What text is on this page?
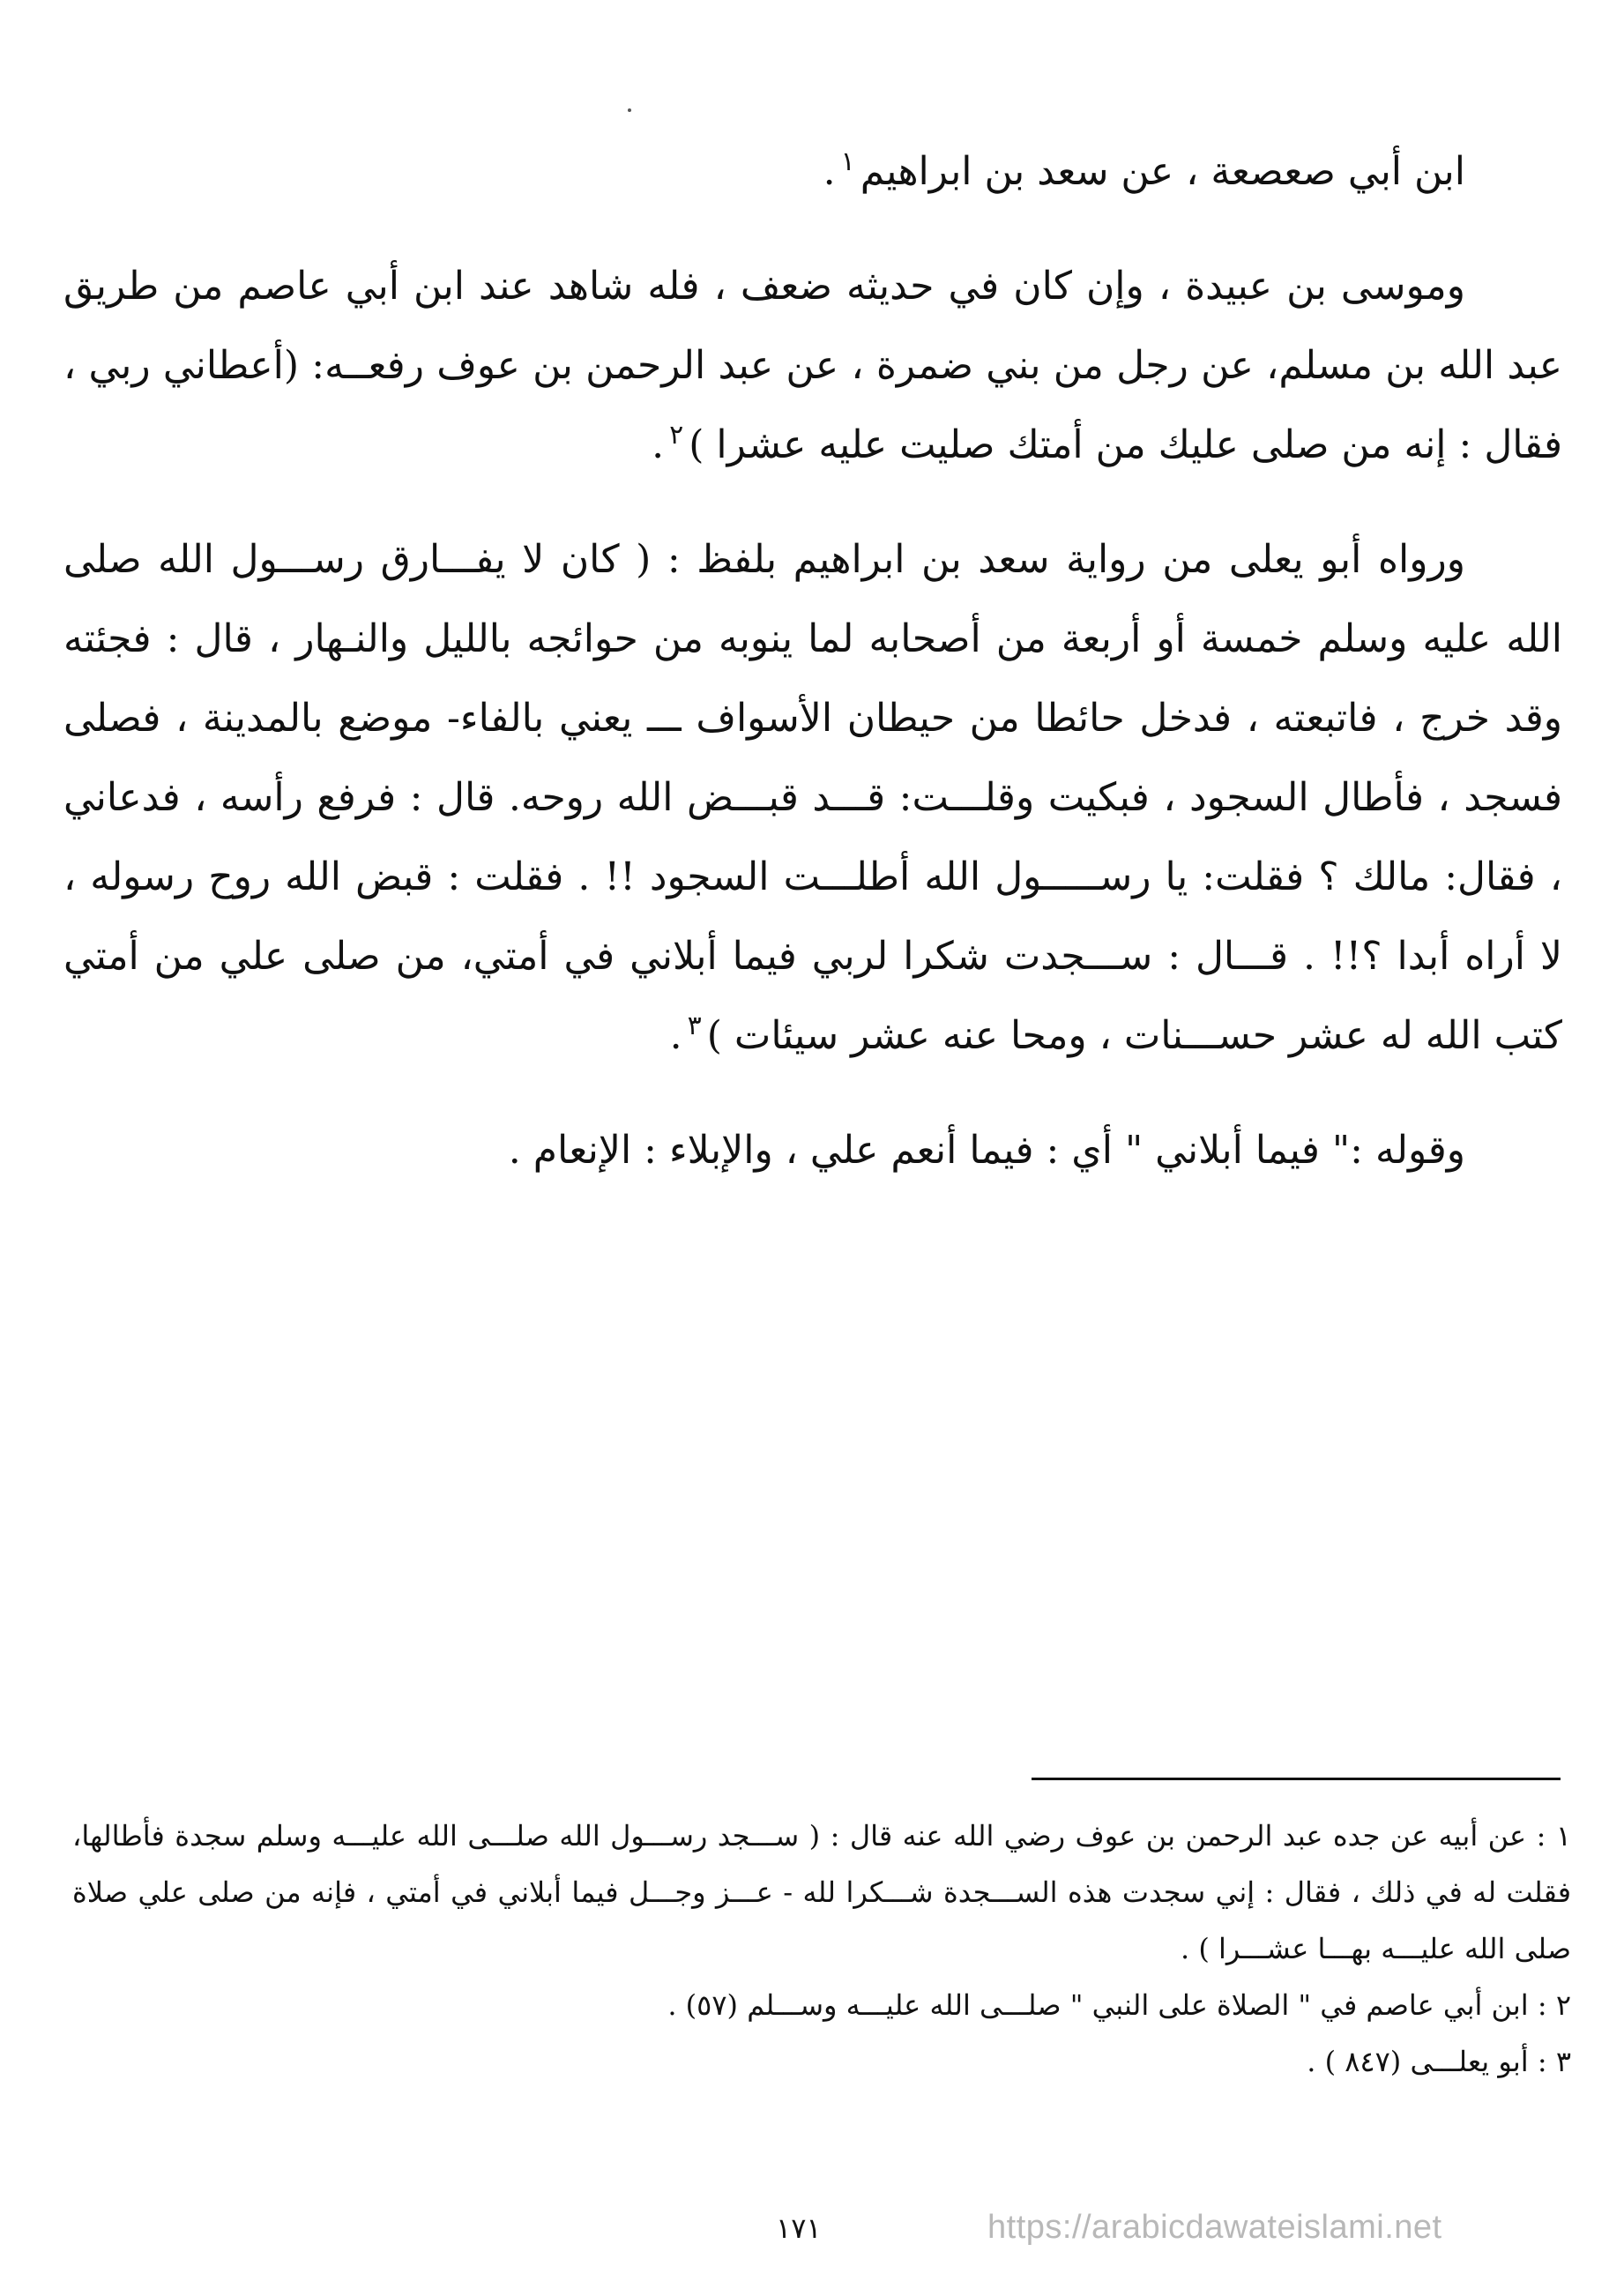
ابن أبي صعصعة ، عن سعد بن ابراهيم$^١$.

وموسى بن عبيدة ، وإن كان في حديثه ضعف ، فله شاهد عند ابن أبي عاصم من طريق عبد الله بن مسلم، عن رجل من بني ضمرة ، عن عبد الرحمن بن عوف رفعــه: (أعطاني ربي ، فقال : إنه من صلى عليك من أمتك صليت عليه عشرا )$^٢$.

ورواه أبو يعلى من رواية سعد بن ابراهيم بلفظ : ( كان لا يفـــارق رســـول الله صلى الله عليه وسلم خمسة أو أربعة من أصحابه لما ينوبه من حوائجه بالليل والنـهار ، قال : فجئته وقد خرج ، فاتبعته ، فدخل حائطا من حيطان الأسواف ـــ يعني بالفاء- موضع بالمدينة ، فصلى فسجد ، فأطال السجود ، فبكيت وقلـــت: قـــد قبـــض الله روحه. قال : فرفع رأسه ، فدعاني ، فقال: مالك ؟ فقلت: يا رســـــول الله أطلـــت السجود !! . فقلت : قبض الله روح رسوله ، لا أراه أبدا ؟!! . قـــال : ســـجدت شكرا لربي فيما أبلاني في أمتي، من صلى علي من أمتي كتب الله له عشر حســـنات ، ومحا عنه عشر سيئات )$^٣$.

وقوله :" فيما أبلاني " أي : فيما أنعم علي ، والإبلاء : الإنعام .

١ : عن أبيه عن جده عبد الرحمن بن عوف رضي الله عنه قال : ( ســـجد رســـول الله صلـــى الله عليـــه وسلم سجدة فأطالها، فقلت له في ذلك ، فقال : إني سجدت هذه الســـجدة شـــكرا لله - عـــز وجـــل فيما أبلاني في أمتي ، فإنه من صلى علي صلاة صلى الله عليـــه بهـــا عشـــرا ) .

٢ : ابن أبي عاصم في " الصلاة على النبي " صلـــى الله عليـــه وســـلم (٥٧) .

٣ : أبو يعلـــى (٨٤٧ ) .

١٧١	https://arabicdawateislami.net
